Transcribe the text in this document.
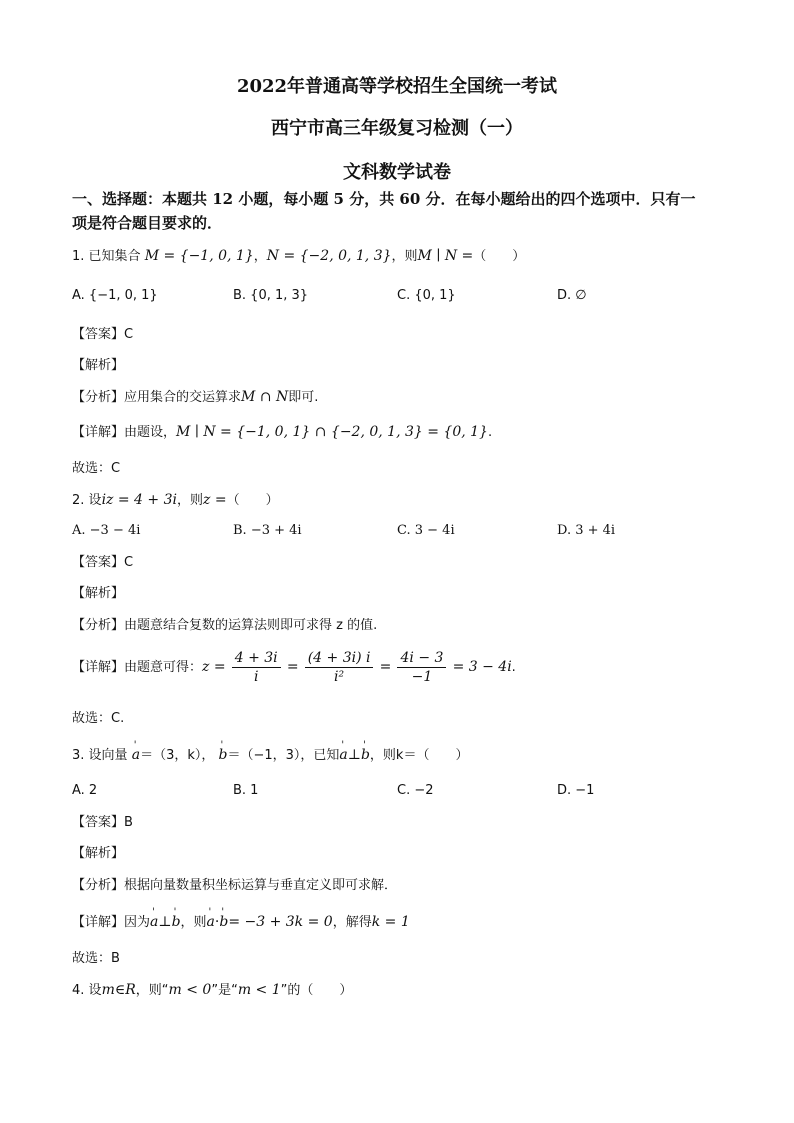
2022年普通高等学校招生全国统一考试
西宁市高三年级复习检测（一）
文科数学试卷
一、选择题：本题共 12 小题，每小题 5 分，共 60 分．在每小题给出的四个选项中．只有一
项是符合题目要求的．
1. 已知集合 M = {−1, 0, 1}，N = {−2, 0, 1, 3}，则M ∣ N =（　　）
A. {−1, 0, 1}	B. {0, 1, 3}	C. {0, 1}	D. ∅
【答案】C
【解析】
【分析】应用集合的交运算求M ∩ N即可.
【详解】由题设，M ∣ N = {−1, 0, 1} ∩ {−2, 0, 1, 3} = {0, 1}.
故选：C
2. 设iz = 4 + 3i，则z =（　　）
A. −3 − 4i	B. −3 + 4i	C. 3 − 4i	D. 3 + 4i
【答案】C
【解析】
【分析】由题意结合复数的运算法则即可求得 z 的值.
【详解】由题意可得：$z = \frac{4 + 3i}{i} = \frac{(4 + 3i) i}{\text{i²}} = \frac{4i - 3}{-1} = 3 - 4i$.
故选：C.
3. 设向量 ' a＝（3，k）， ' b＝（−1，3），已知' a⊥' b，则k＝（　　）
A. 2	B. 1	C. −2	D. −1
【答案】B
【解析】
【分析】根据向量数量积坐标运算与垂直定义即可求解．
【详解】因为' a⊥' b，则' a·' b= −3 + 3k = 0，解得k = 1
故选：B
4. 设m∈R，则“m < 0”是“m < 1”的（　　）
